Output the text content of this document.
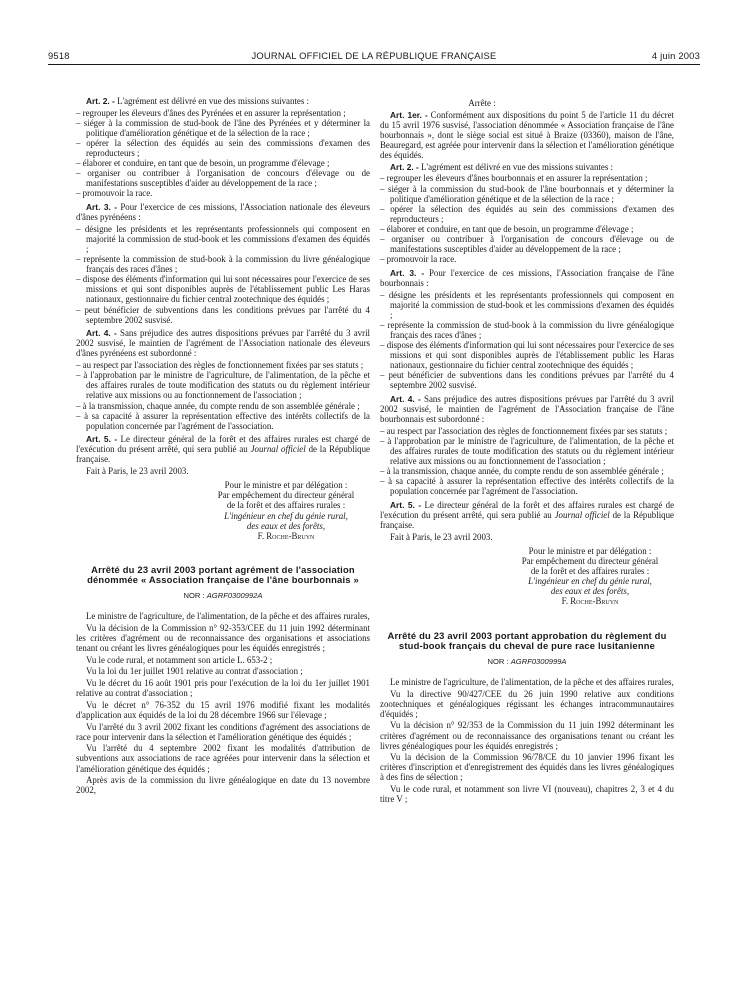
9518	JOURNAL OFFICIEL DE LA RÉPUBLIQUE FRANÇAISE	4 juin 2003

Art. 2. - L'agrément est délivré en vue des missions suivantes :

– regrouper les éleveurs d'ânes des Pyrénées et en assurer la représentation ;

– siéger à la commission de stud-book de l'âne des Pyrénées et y déterminer la politique d'amélioration génétique et de la sélection de la race ;

– opérer la sélection des équidés au sein des commissions d'examen des reproducteurs ;

– élaborer et conduire, en tant que de besoin, un programme d'élevage ;

– organiser ou contribuer à l'organisation de concours d'élevage ou de manifestations susceptibles d'aider au développement de la race ;

– promouvoir la race.

Art. 3. - Pour l'exercice de ces missions, l'Association nationale des éleveurs d'ânes pyrénéens :

– désigne les présidents et les représentants professionnels qui composent en majorité la commission de stud-book et les commissions d'examen des équidés ;

– représente la commission de stud-book à la commission du livre généalogique français des races d'ânes ;

– dispose des éléments d'information qui lui sont nécessaires pour l'exercice de ses missions et qui sont disponibles auprès de l'établissement public Les Haras nationaux, gestionnaire du fichier central zootechnique des équidés ;

– peut bénéficier de subventions dans les conditions prévues par l'arrêté du 4 septembre 2002 susvisé.

Art. 4. - Sans préjudice des autres dispositions prévues par l'arrêté du 3 avril 2002 susvisé, le maintien de l'agrément de l'Association nationale des éleveurs d'ânes pyrénéens est subordonné :

– au respect par l'association des règles de fonctionnement fixées par ses statuts ;

– à l'approbation par le ministre de l'agriculture, de l'alimentation, de la pêche et des affaires rurales de toute modification des statuts ou du règlement intérieur relative aux missions ou au fonctionnement de l'association ;

– à la transmission, chaque année, du compte rendu de son assemblée générale ;

– à sa capacité à assurer la représentation effective des intérêts collectifs de la population concernée par l'agrément de l'association.

Art. 5. - Le directeur général de la forêt et des affaires rurales est chargé de l'exécution du présent arrêté, qui sera publié au Journal officiel de la République française.

Fait à Paris, le 23 avril 2003.

Pour le ministre et par délégation :
Par empêchement du directeur général
de la forêt et des affaires rurales :
L'ingénieur en chef du génie rural,
des eaux et des forêts,
F. Roche-Bruyn
Arrêté du 23 avril 2003 portant agrément de l'association dénommée « Association française de l'âne bourbonnais »
NOR : AGRF0300992A

Le ministre de l'agriculture, de l'alimentation, de la pêche et des affaires rurales,

Vu la décision de la Commission n° 92-353/CEE du 11 juin 1992 déterminant les critères d'agrément ou de reconnaissance des organisations et associations tenant ou créant les livres généalogiques pour les équidés enregistrés ;

Vu le code rural, et notamment son article L. 653-2 ;

Vu la loi du 1er juillet 1901 relative au contrat d'association ;

Vu le décret du 16 août 1901 pris pour l'exécution de la loi du 1er juillet 1901 relative au contrat d'association ;

Vu le décret n° 76-352 du 15 avril 1976 modifié fixant les modalités d'application aux équidés de la loi du 28 décembre 1966 sur l'élevage ;

Vu l'arrêté du 3 avril 2002 fixant les conditions d'agrément des associations de race pour intervenir dans la sélection et l'amélioration génétique des équidés ;

Vu l'arrêté du 4 septembre 2002 fixant les modalités d'attribution de subventions aux associations de race agréées pour intervenir dans la sélection et l'amélioration génétique des équidés ;

Après avis de la commission du livre généalogique en date du 13 novembre 2002,

Arrête :

Art. 1er. - Conformément aux dispositions du point 5 de l'article 11 du décret du 15 avril 1976 susvisé, l'association dénommée « Association française de l'âne bourbonnais », dont le siège social est situé à Braize (03360), maison de l'âne, Beauregard, est agréée pour intervenir dans la sélection et l'amélioration génétique des équidés.

Art. 2. - L'agrément est délivré en vue des missions suivantes :

– regrouper les éleveurs d'ânes bourbonnais et en assurer la représentation ;

– siéger à la commission du stud-book de l'âne bourbonnais et y déterminer la politique d'amélioration génétique et de la sélection de la race ;

– opérer la sélection des équidés au sein des commissions d'examen des reproducteurs ;

– élaborer et conduire, en tant que de besoin, un programme d'élevage ;

– organiser ou contribuer à l'organisation de concours d'élevage ou de manifestations susceptibles d'aider au développement de la race ;

– promouvoir la race.

Art. 3. - Pour l'exercice de ces missions, l'Association française de l'âne bourbonnais :

– désigne les présidents et les représentants professionnels qui composent en majorité la commission de stud-book et les commissions d'examen des équidés ;

– représente la commission de stud-book à la commission du livre généalogique français des races d'ânes ;

– dispose des éléments d'information qui lui sont nécessaires pour l'exercice de ses missions et qui sont disponibles auprès de l'établissement public les Haras nationaux, gestionnaire du fichier central zootechnique des équidés ;

– peut bénéficier de subventions dans les conditions prévues par l'arrêté du 4 septembre 2002 susvisé.

Art. 4. - Sans préjudice des autres dispositions prévues par l'arrêté du 3 avril 2002 susvisé, le maintien de l'agrément de l'Association française de l'âne bourbonnais est subordonné :

– au respect par l'association des règles de fonctionnement fixées par ses statuts ;

– à l'approbation par le ministre de l'agriculture, de l'alimentation, de la pêche et des affaires rurales de toute modification des statuts ou du règlement intérieur relative aux missions ou au fonctionnement de l'association ;

– à la transmission, chaque année, du compte rendu de son assemblée générale ;

– à sa capacité à assurer la représentation effective des intérêts collectifs de la population concernée par l'agrément de l'association.

Art. 5. - Le directeur général de la forêt et des affaires rurales est chargé de l'exécution du présent arrêté, qui sera publié au Journal officiel de la République française.

Fait à Paris, le 23 avril 2003.

Pour le ministre et par délégation :
Par empêchement du directeur général
de la forêt et des affaires rurales :
L'ingénieur en chef du génie rural,
des eaux et des forêts,
F. Roche-Bruyn
Arrêté du 23 avril 2003 portant approbation du règlement du stud-book français du cheval de pure race lusitanienne
NOR : AGRF0300999A

Le ministre de l'agriculture, de l'alimentation, de la pêche et des affaires rurales,

Vu la directive 90/427/CEE du 26 juin 1990 relative aux conditions zootechniques et généalogiques régissant les échanges intracommunautaires d'équidés ;

Vu la décision n° 92/353 de la Commission du 11 juin 1992 déterminant les critères d'agrément ou de reconnaissance des organisations tenant ou créant les livres généalogiques pour les équidés enregistrés ;

Vu la décision de la Commission 96/78/CE du 10 janvier 1996 fixant les critères d'inscription et d'enregistrement des équidés dans les livres généalogiques à des fins de sélection ;

Vu le code rural, et notamment son livre VI (nouveau), chapitres 2, 3 et 4 du titre V ;
